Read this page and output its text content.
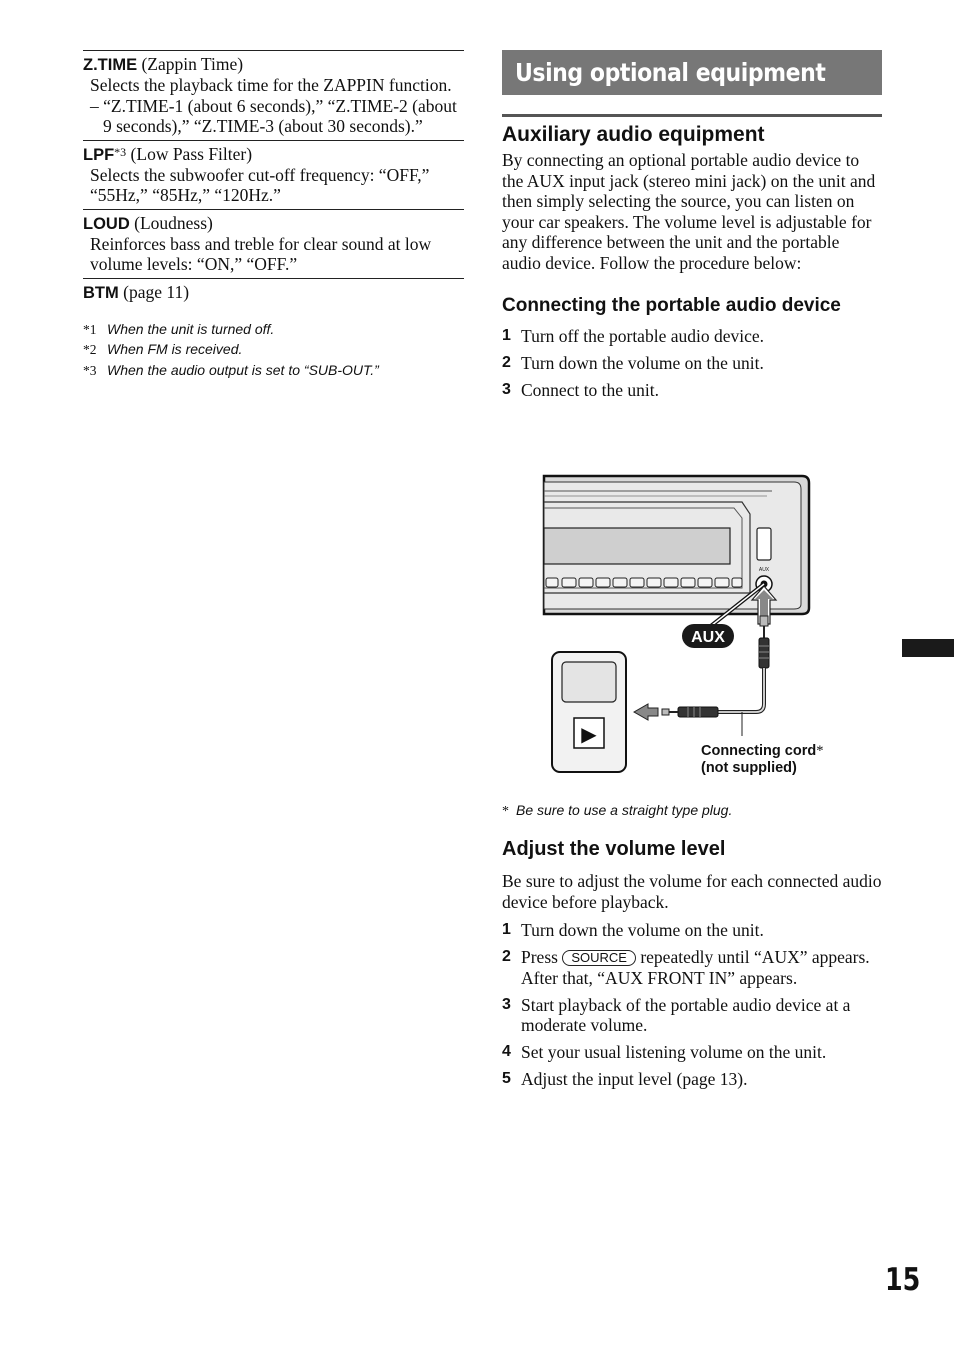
Z.TIME (Zappin Time)
Selects the playback time for the ZAPPIN function.
– “Z.TIME-1 (about 6 seconds),” “Z.TIME-2 (about 9 seconds),” “Z.TIME-3 (about 30 seconds).”
LPF$^{*3}$ (Low Pass Filter)
Selects the subwoofer cut-off frequency: “OFF,” “55Hz,” “85Hz,” “120Hz.”
LOUD (Loudness)
Reinforces bass and treble for clear sound at low volume levels: “ON,” “OFF.”
BTM (page 11)
*1 When the unit is turned off.
*2 When FM is received.
*3 When the audio output is set to “SUB-OUT.”
Using optional equipment
Auxiliary audio equipment

By connecting an optional portable audio device to the AUX input jack (stereo mini jack) on the unit and then simply selecting the source, you can listen on your car speakers. The volume level is adjustable for any difference between the unit and the portable audio device. Follow the procedure below:

Connecting the portable audio device
1 Turn off the portable audio device.
2 Turn down the volume on the unit.
3 Connect to the unit.
AUX
AUX
▶
Connecting cord*
(not supplied)
* Be sure to use a straight type plug.
Adjust the volume level

Be sure to adjust the volume for each connected audio device before playback.

1 Turn down the volume on the unit.
2 Press SOURCE repeatedly until “AUX” appears.
After that, “AUX FRONT IN” appears.
3 Start playback of the portable audio device at a moderate volume.
4 Set your usual listening volume on the unit.
5 Adjust the input level (page 13).
15
